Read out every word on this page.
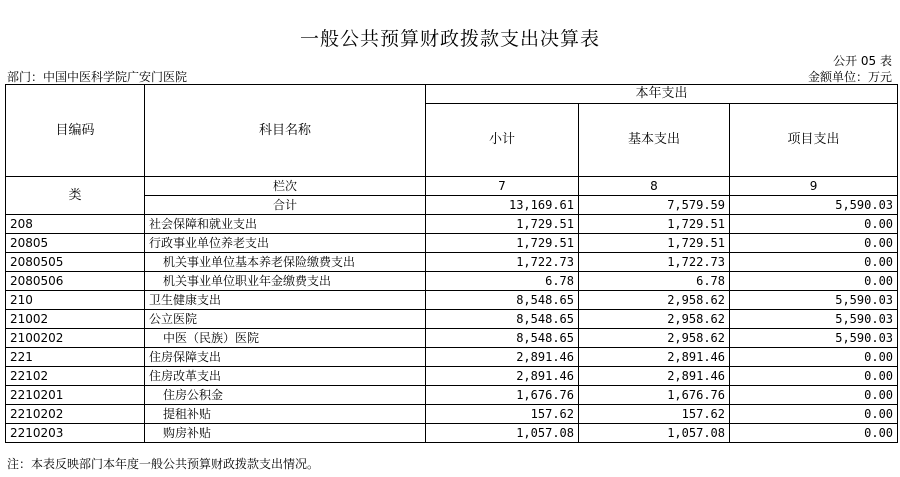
一般公共预算财政拨款支出决算表
公开 05 表
部门：中国中医科学院广安门医院	金额单位：万元
目编码	科目名称	本年支出		
		小计	基本支出	项目支出

类	栏次	7	8	9
	合计	13,169.61	7,579.59	5,590.03
208	社会保障和就业支出	1,729.51	1,729.51	0.00
20805	行政事业单位养老支出	1,729.51	1,729.51	0.00
2080505	机关事业单位基本养老保险缴费支出	1,722.73	1,722.73	0.00
2080506	机关事业单位职业年金缴费支出	6.78	6.78	0.00
210	卫生健康支出	8,548.65	2,958.62	5,590.03
21002	公立医院	8,548.65	2,958.62	5,590.03
2100202	中医（民族）医院	8,548.65	2,958.62	5,590.03
221	住房保障支出	2,891.46	2,891.46	0.00
22102	住房改革支出	2,891.46	2,891.46	0.00
2210201	住房公积金	1,676.76	1,676.76	0.00
2210202	提租补贴	157.62	157.62	0.00
2210203	购房补贴	1,057.08	1,057.08	0.00
注：本表反映部门本年度一般公共预算财政拨款支出情况。
